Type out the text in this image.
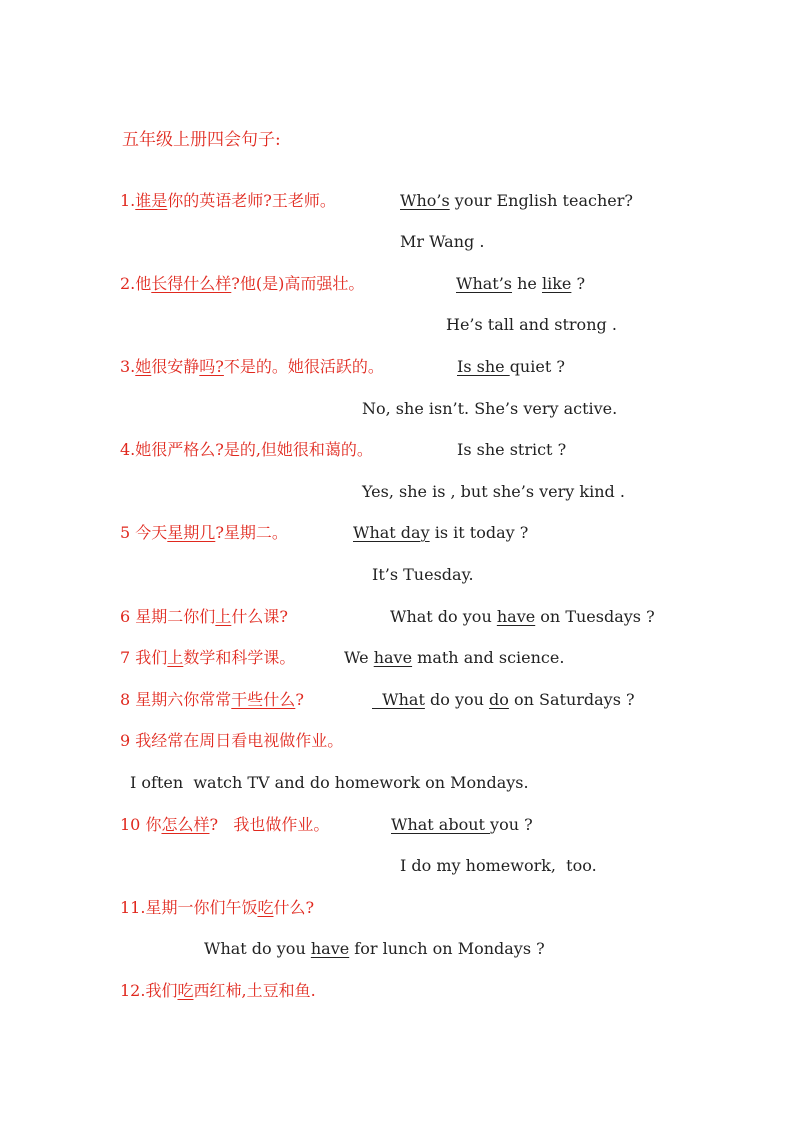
五年级上册四会句子:
1.谁是你的英语老师?王老师。	Who’s your English teacher?
Mr Wang .
2.他长得什么样?他(是)高而强壮。	What’s he like ?
He’s tall and strong .
3.她很安静吗?不是的。她很活跃的。	Is she quiet ?
No, she isn’t. She’s very active.
4.她很严格么?是的,但她很和蔼的。	Is she strict ?
Yes, she is , but she’s very kind .
5 今天星期几?星期二。	What day is it today ?
It’s Tuesday.
6 星期二你们上什么课?	What do you have on Tuesdays ?
7 我们上数学和科学课。	We have math and science.
8 星期六你常常干些什么?	What do you do on Saturdays ?
9 我经常在周日看电视做作业。
I often  watch TV and do homework on Mondays.
10 你怎么样?   我也做作业。	What about you ?
I do my homework,  too.
11.星期一你们午饭吃什么?
What do you have for lunch on Mondays ?
12.我们吃西红柿,土豆和鱼.
